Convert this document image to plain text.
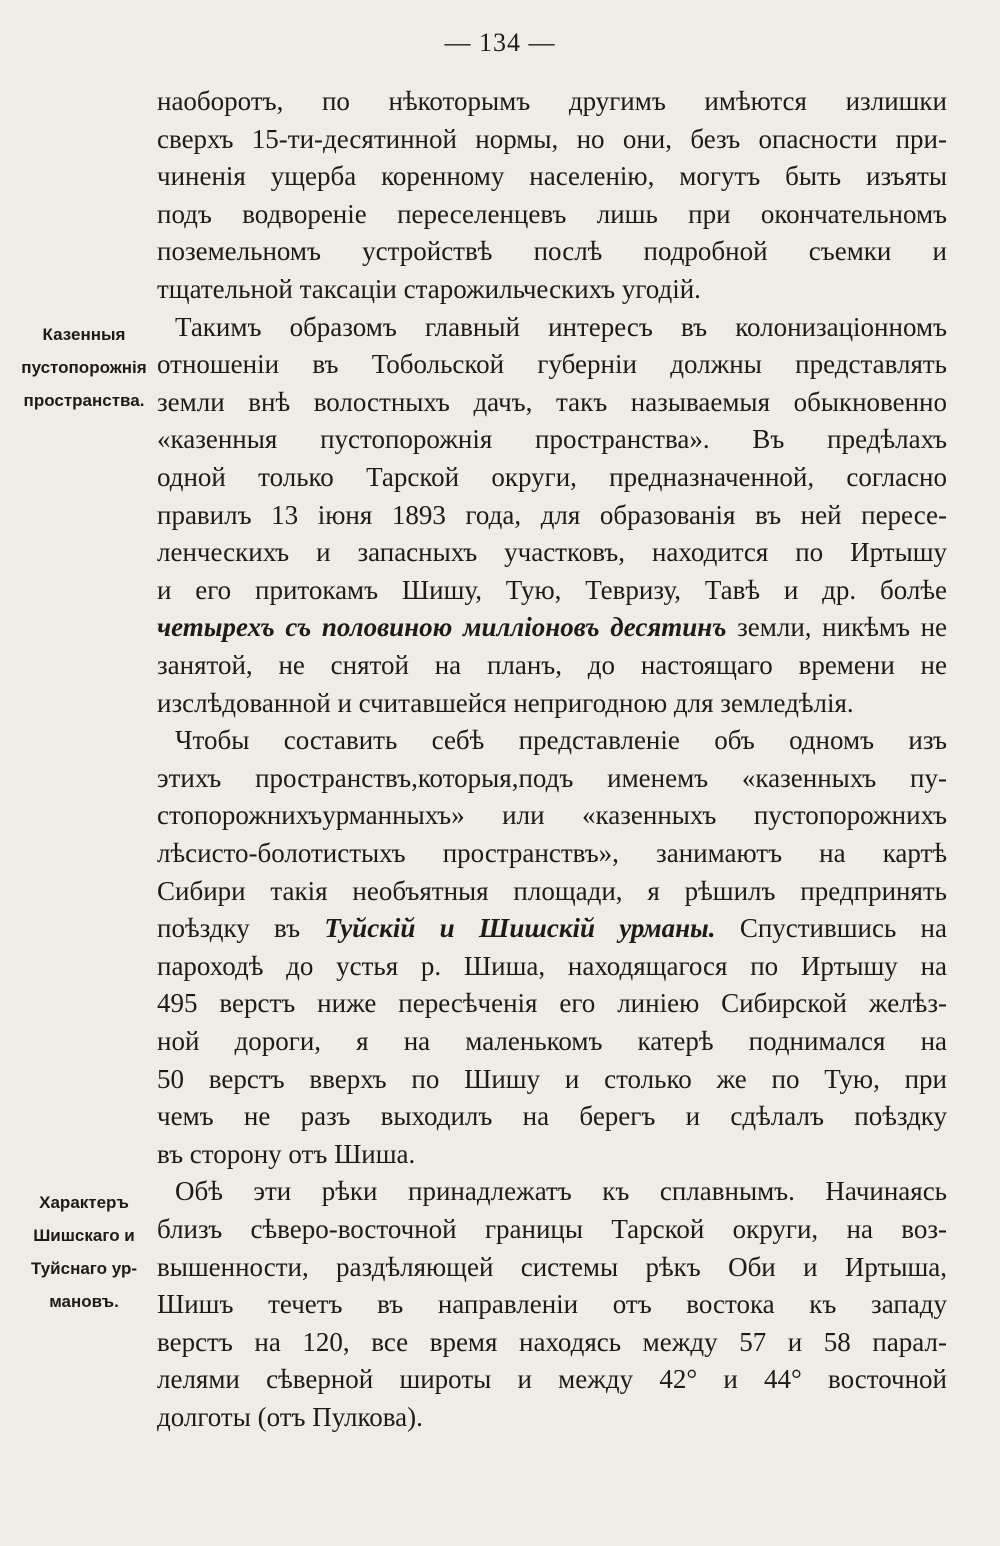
— 134 —
Казенныя
пустопорожнія
пространства.
Характеръ
Шишскаго и
Туйснаго ур-
мановъ.
наоборотъ, по нѣкоторымъ другимъ имѣются излишки
сверхъ 15-ти-десятинной нормы, но они, безъ опасности при-
чиненія ущерба коренному населенію, могутъ быть изъяты
подъ водвореніе переселенцевъ лишь при окончательномъ
поземельномъ устройствѣ послѣ подробной съемки и
тщательной таксаціи старожильческихъ угодій.
Такимъ образомъ главный интересъ въ колонизаціонномъ
отношеніи въ Тобольской губерніи должны представлять
земли внѣ волостныхъ дачъ, такъ называемыя обыкновенно
«казенныя пустопорожнія пространства». Въ предѣлахъ
одной только Тарской округи, предназначенной, согласно
правилъ 13 іюня 1893 года, для образованія въ ней пересе-
ленческихъ и запасныхъ участковъ, находится по Иртышу
и его притокамъ Шишу, Тую, Тевризу, Тавѣ и др. болѣе
четырехъ съ половиною милліоновъ десятинъ земли, никѣмъ не
занятой, не снятой на планъ, до настоящаго времени не
изслѣдованной и считавшейся непригодною для земледѣлія.
Чтобы составить себѣ представленіе объ одномъ изъ
этихъ пространствъ,которыя,подъ именемъ «казенныхъ пу-
стопорожнихъурманныхъ» или «казенныхъ пустопорожнихъ
лѣсисто-болотистыхъ пространствъ», занимаютъ на картѣ
Сибири такія необъятныя площади, я рѣшилъ предпринять
поѣздку въ Туйскій и Шишскій урманы. Спустившись на
пароходѣ до устья р. Шиша, находящагося по Иртышу на
495 верстъ ниже пересѣченія его линіею Сибирской желѣз-
ной дороги, я на маленькомъ катерѣ поднимался на
50 верстъ вверхъ по Шишу и столько же по Тую, при
чемъ не разъ выходилъ на берегъ и сдѣлалъ поѣздку
въ сторону отъ Шиша.
Обѣ эти рѣки принадлежатъ къ сплавнымъ. Начинаясь
близъ сѣверо-восточной границы Тарской округи, на воз-
вышенности, раздѣляющей системы рѣкъ Оби и Иртыша,
Шишъ течетъ въ направленіи отъ востока къ западу
верстъ на 120, все время находясь между 57 и 58 парал-
лелями сѣверной широты и между 42° и 44° восточной
долготы (отъ Пулкова).
